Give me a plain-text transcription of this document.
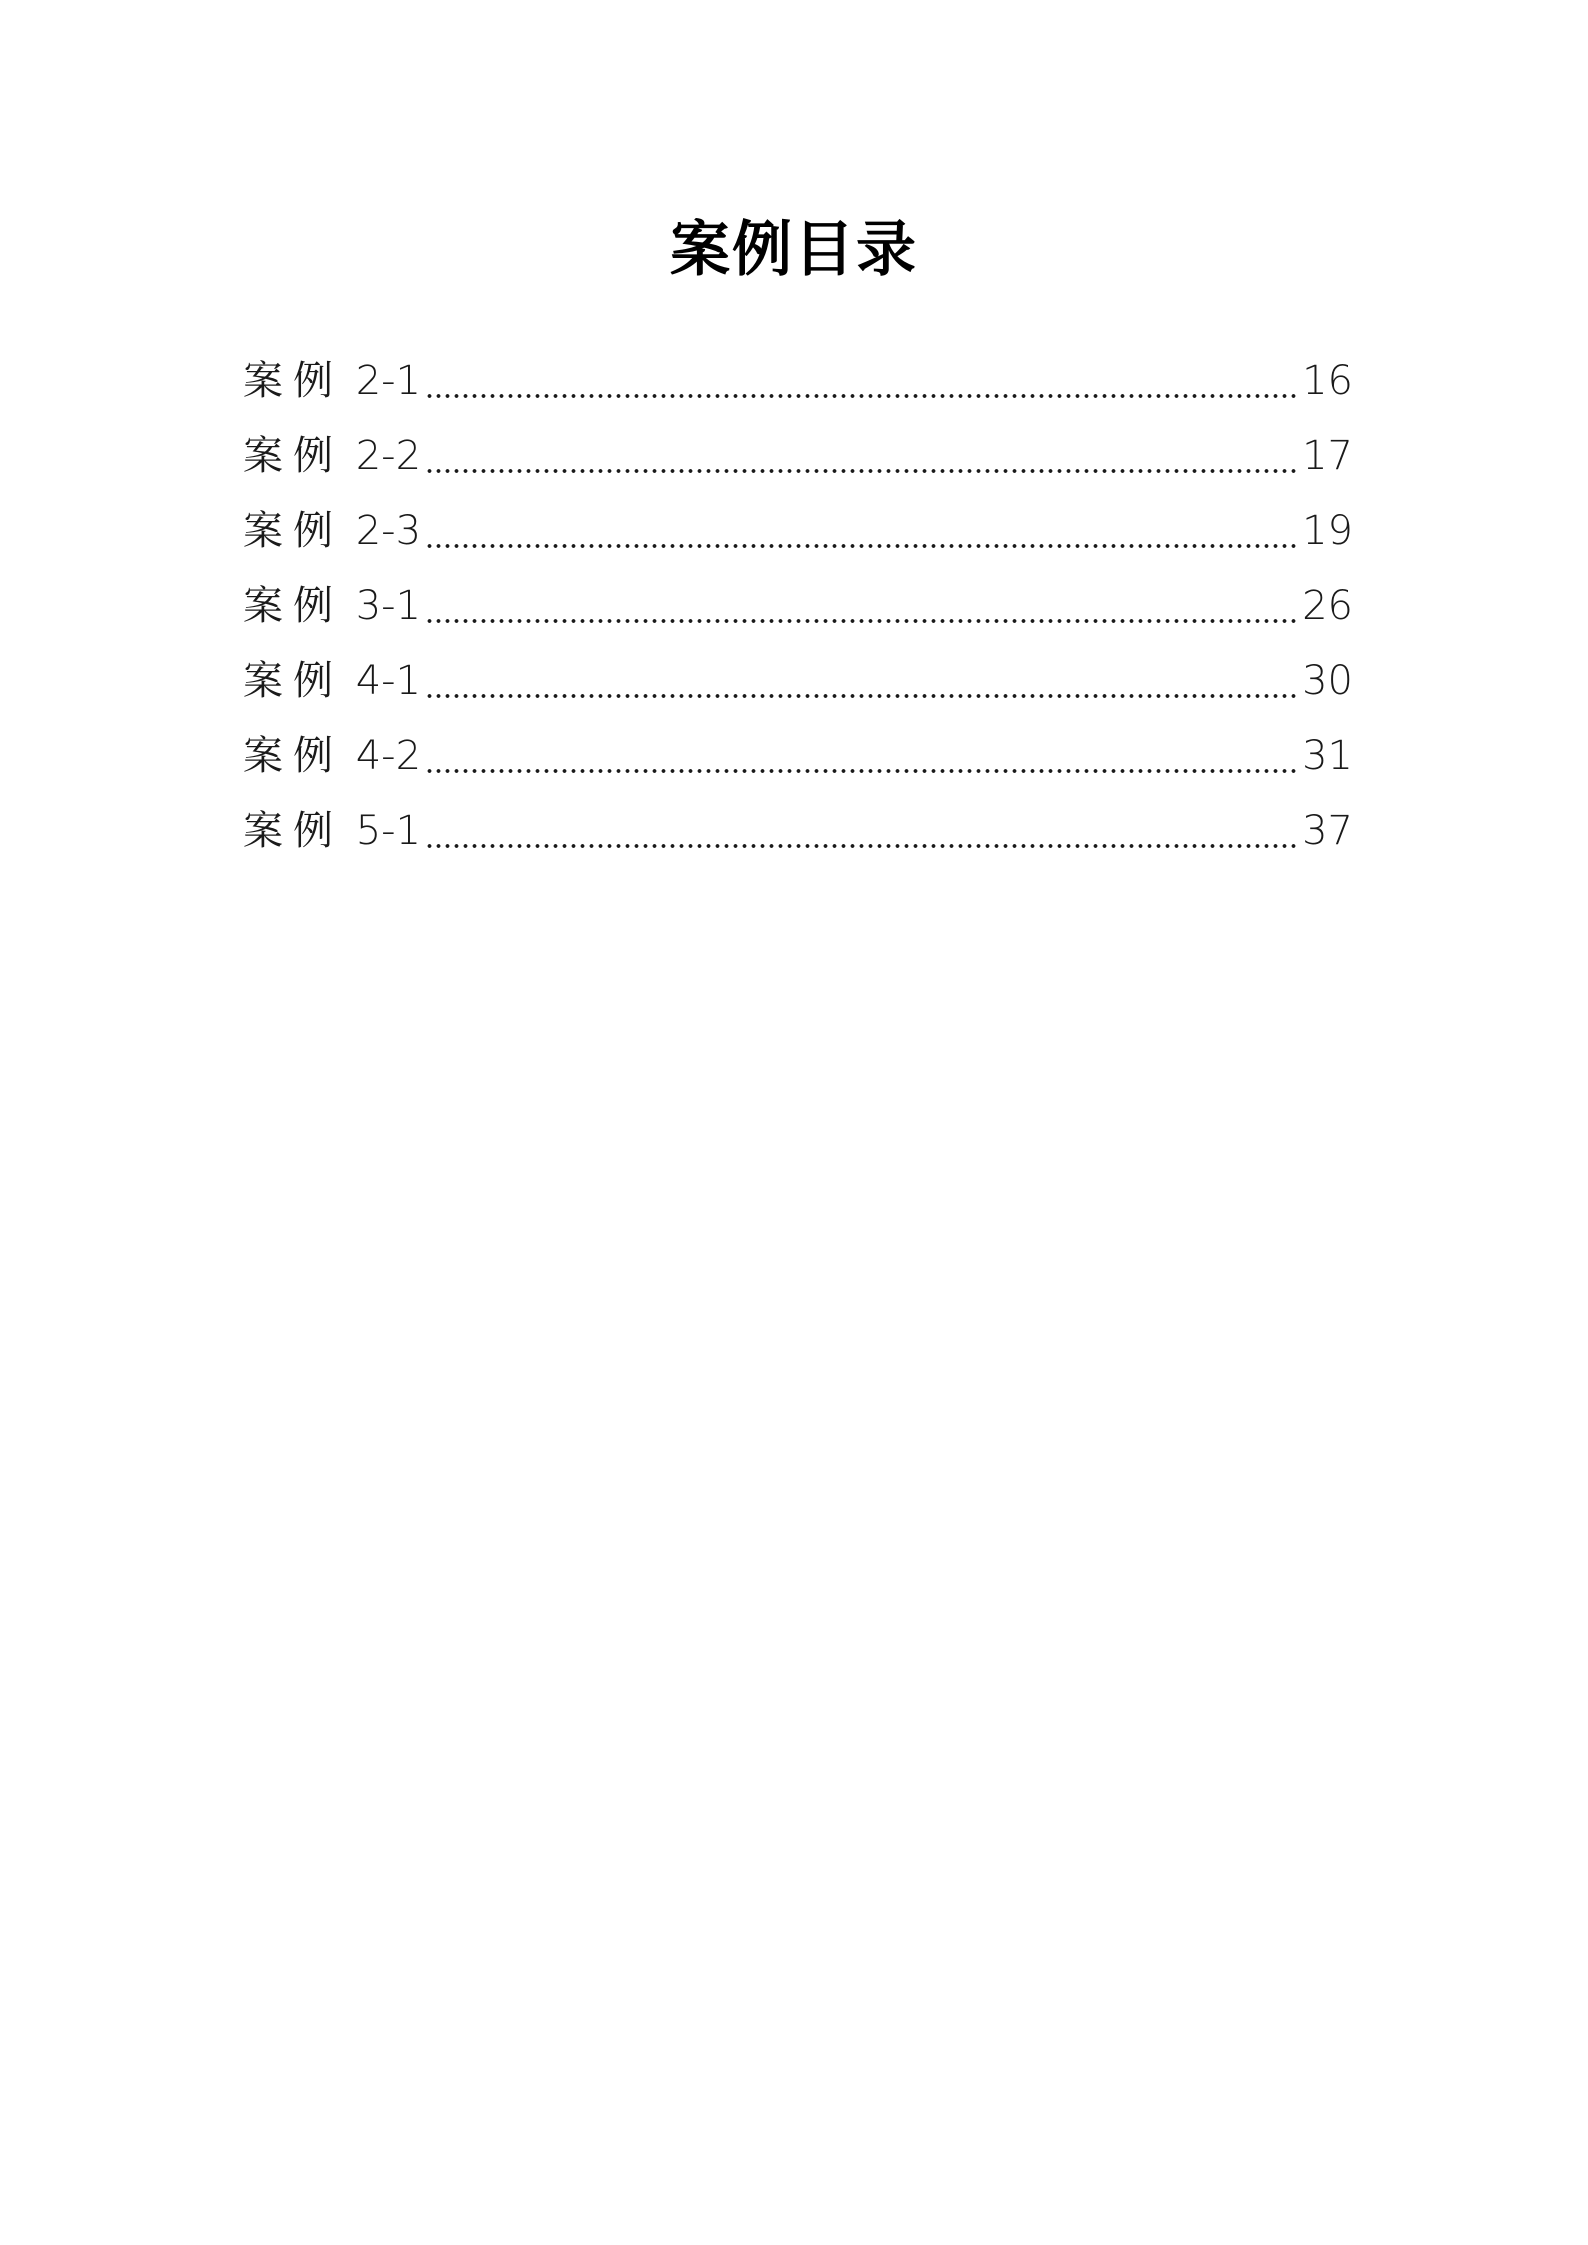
案例目录
案例 2-1	16
案例 2-2	17
案例 2-3	19
案例 3-1	26
案例 4-1	30
案例 4-2	31
案例 5-1	37
